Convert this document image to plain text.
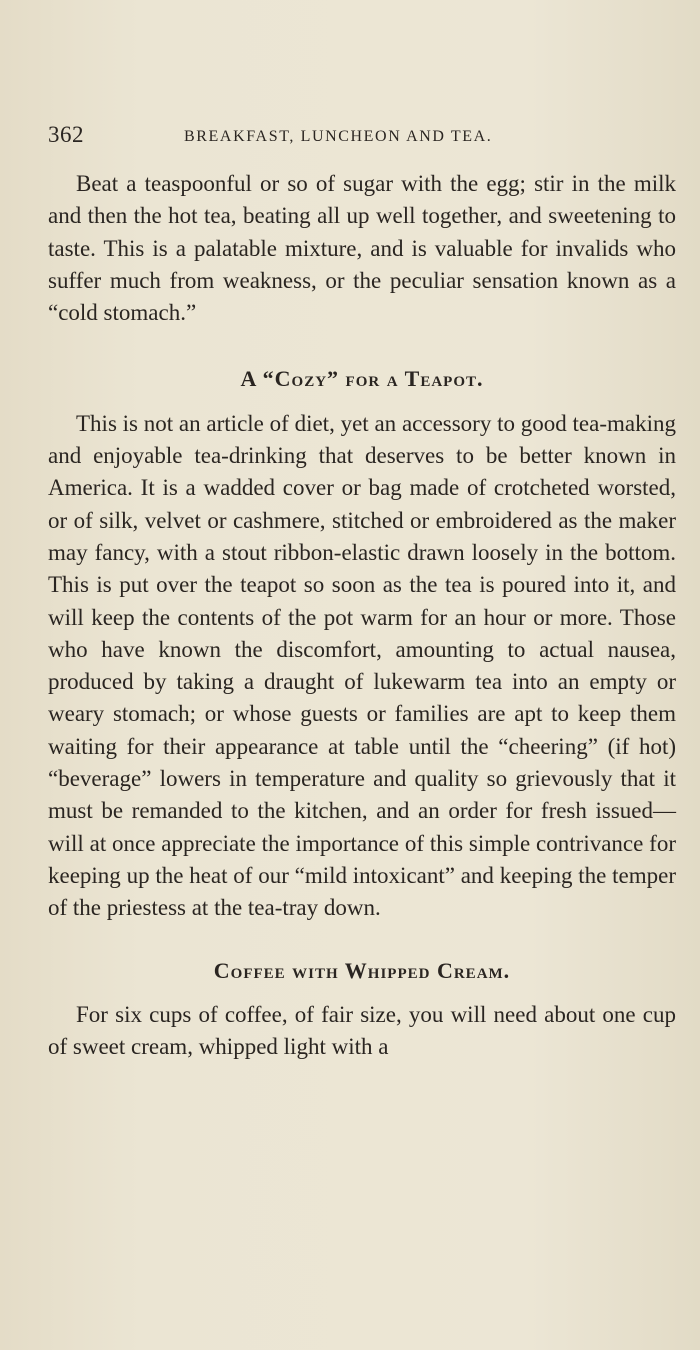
362	BREAKFAST, LUNCHEON AND TEA.

Beat a teaspoonful or so of sugar with the egg; stir in the milk and then the hot tea, beating all up well together, and sweetening to taste. This is a palatable mixture, and is valuable for invalids who suffer much from weakness, or the peculiar sensation known as a “cold stomach.”

A “Cozy” for a Teapot.

This is not an article of diet, yet an accessory to good tea-making and enjoyable tea-drinking that deserves to be better known in America. It is a wadded cover or bag made of crotcheted worsted, or of silk, velvet or cashmere, stitched or embroidered as the maker may fancy, with a stout ribbon-elastic drawn loosely in the bottom. This is put over the teapot so soon as the tea is poured into it, and will keep the contents of the pot warm for an hour or more. Those who have known the discomfort, amounting to actual nausea, produced by taking a draught of lukewarm tea into an empty or weary stomach; or whose guests or families are apt to keep them waiting for their appearance at table until the “cheering” (if hot) “beverage” lowers in temperature and quality so grievously that it must be remanded to the kitchen, and an order for fresh issued—will at once appreciate the importance of this simple contrivance for keeping up the heat of our “mild intoxicant” and keeping the temper of the priestess at the tea-tray down.

Coffee with Whipped Cream.

For six cups of coffee, of fair size, you will need about one cup of sweet cream, whipped light with a
